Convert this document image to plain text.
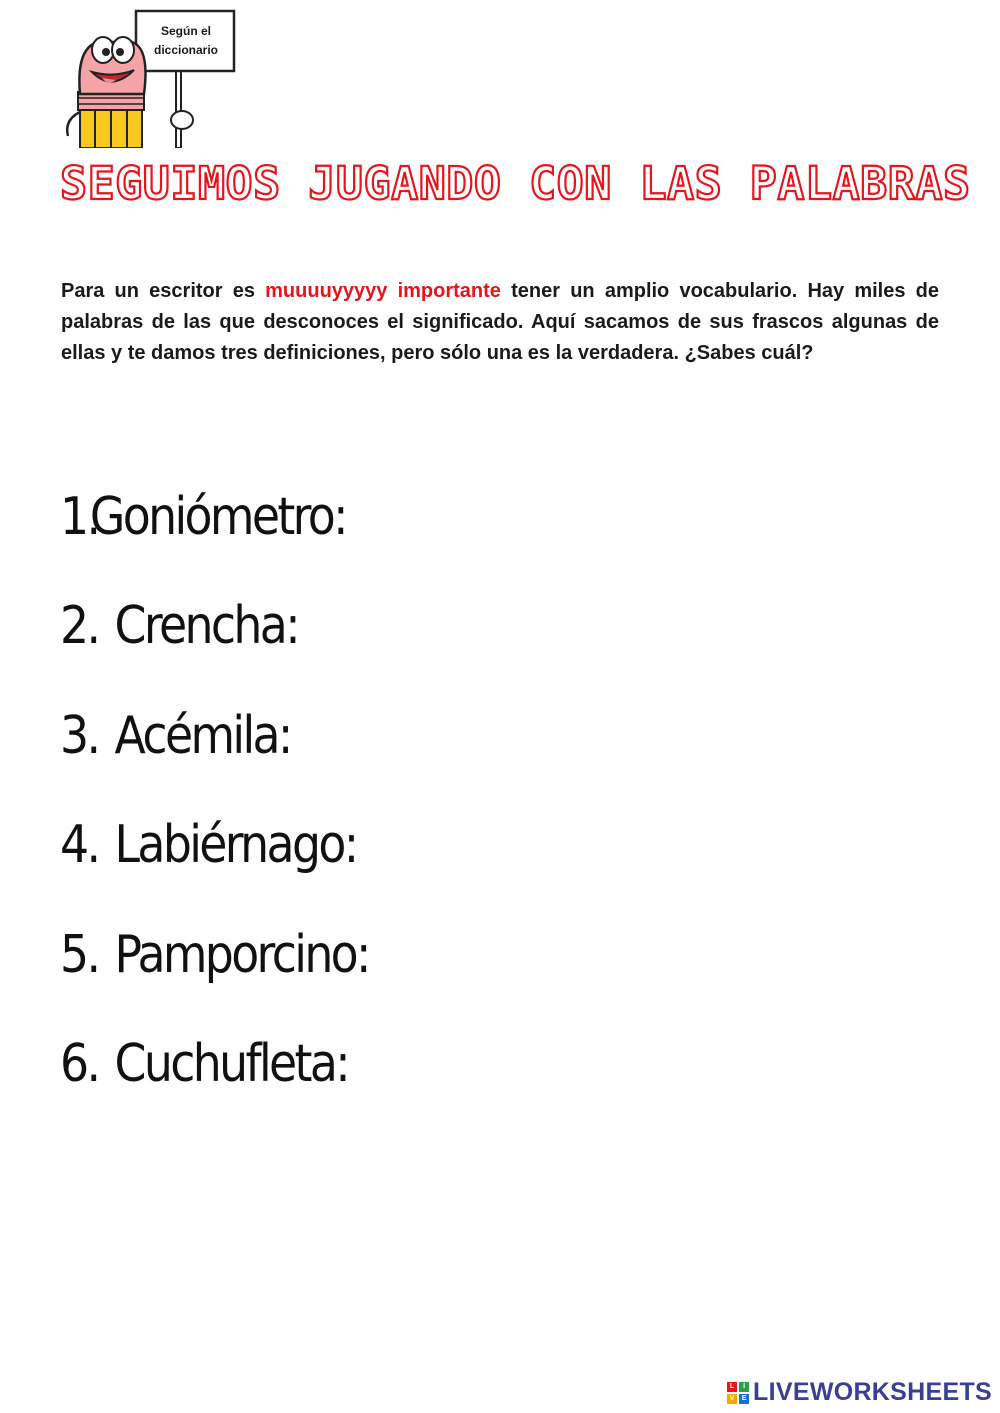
Según el
diccionario
SEGUIMOS JUGANDO CON LAS PALABRAS

Para un escritor es muuuuyyyyy importante tener un amplio vocabulario. Hay miles de palabras de las que desconoces el significado. Aquí sacamos de sus frascos algunas de ellas y te damos tres definiciones, pero sólo una es la verdadera. ¿Sabes cuál?

1.
Goniómetro:
2. Crencha:
3. Acémila:
4. Labiérnago:
5. Pamporcino:
6. Cuchufleta:
L	I
V	E LIVEWORKSHEETS
